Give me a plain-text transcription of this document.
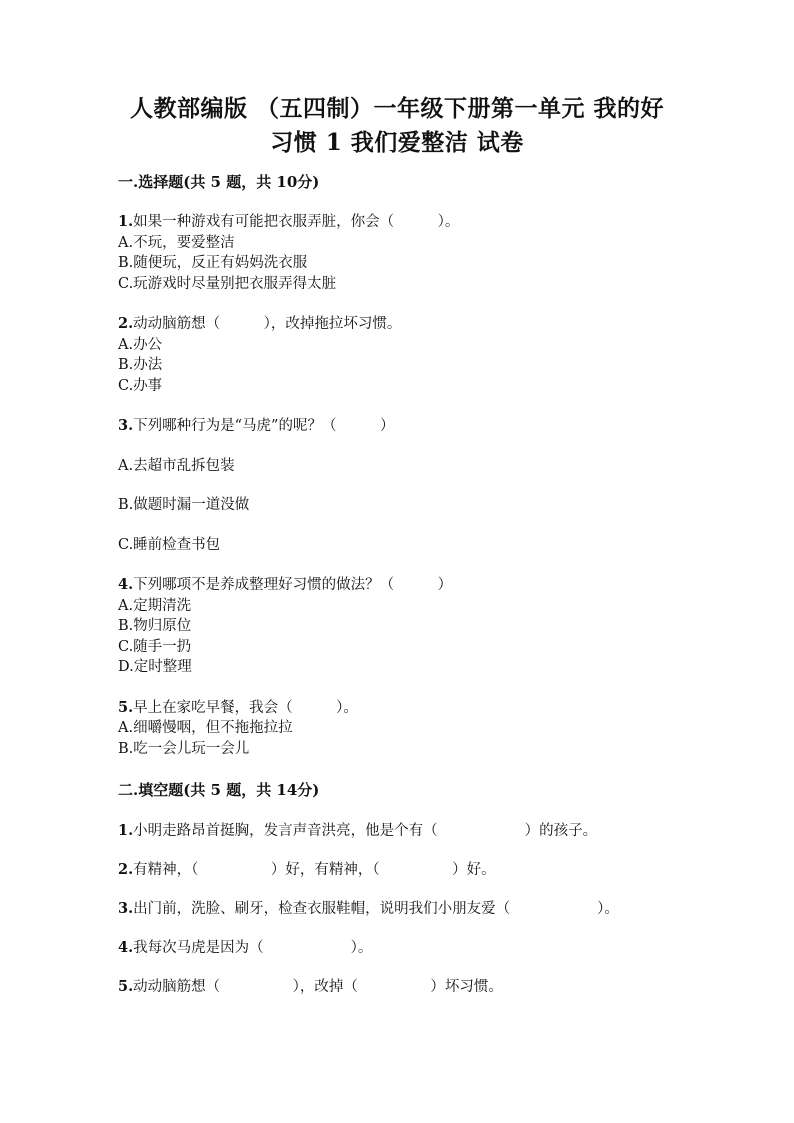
人教部编版 （五四制）一年级下册第一单元 我的好
习惯 1 我们爱整洁 试卷
一.选择题(共 5 题，共 10分)
1.如果一种游戏有可能把衣服弄脏，你会（　　　）。
A.不玩，要爱整洁
B.随便玩，反正有妈妈洗衣服
C.玩游戏时尽量别把衣服弄得太脏
2.动动脑筋想（　　　），改掉拖拉坏习惯。
A.办公
B.办法
C.办事
3.下列哪种行为是“马虎”的呢？（　　　）
A.去超市乱拆包装
B.做题时漏一道没做
C.睡前检查书包
4.下列哪项不是养成整理好习惯的做法？（　　　）
A.定期清洗
B.物归原位
C.随手一扔
D.定时整理
5.早上在家吃早餐，我会（　　　）。
A.细嚼慢咽，但不拖拖拉拉
B.吃一会儿玩一会儿
二.填空题(共 5 题，共 14分)
1.小明走路昂首挺胸，发言声音洪亮，他是个有（　　　　　　）的孩子。
2.有精神，（　　　　　）好，有精神，（　　　　　）好。
3.出门前，洗脸、刷牙，检查衣服鞋帽，说明我们小朋友爱（　　　　　　）。
4.我每次马虎是因为（　　　　　　）。
5.动动脑筋想（　　　　　），改掉（　　　　　）坏习惯。
